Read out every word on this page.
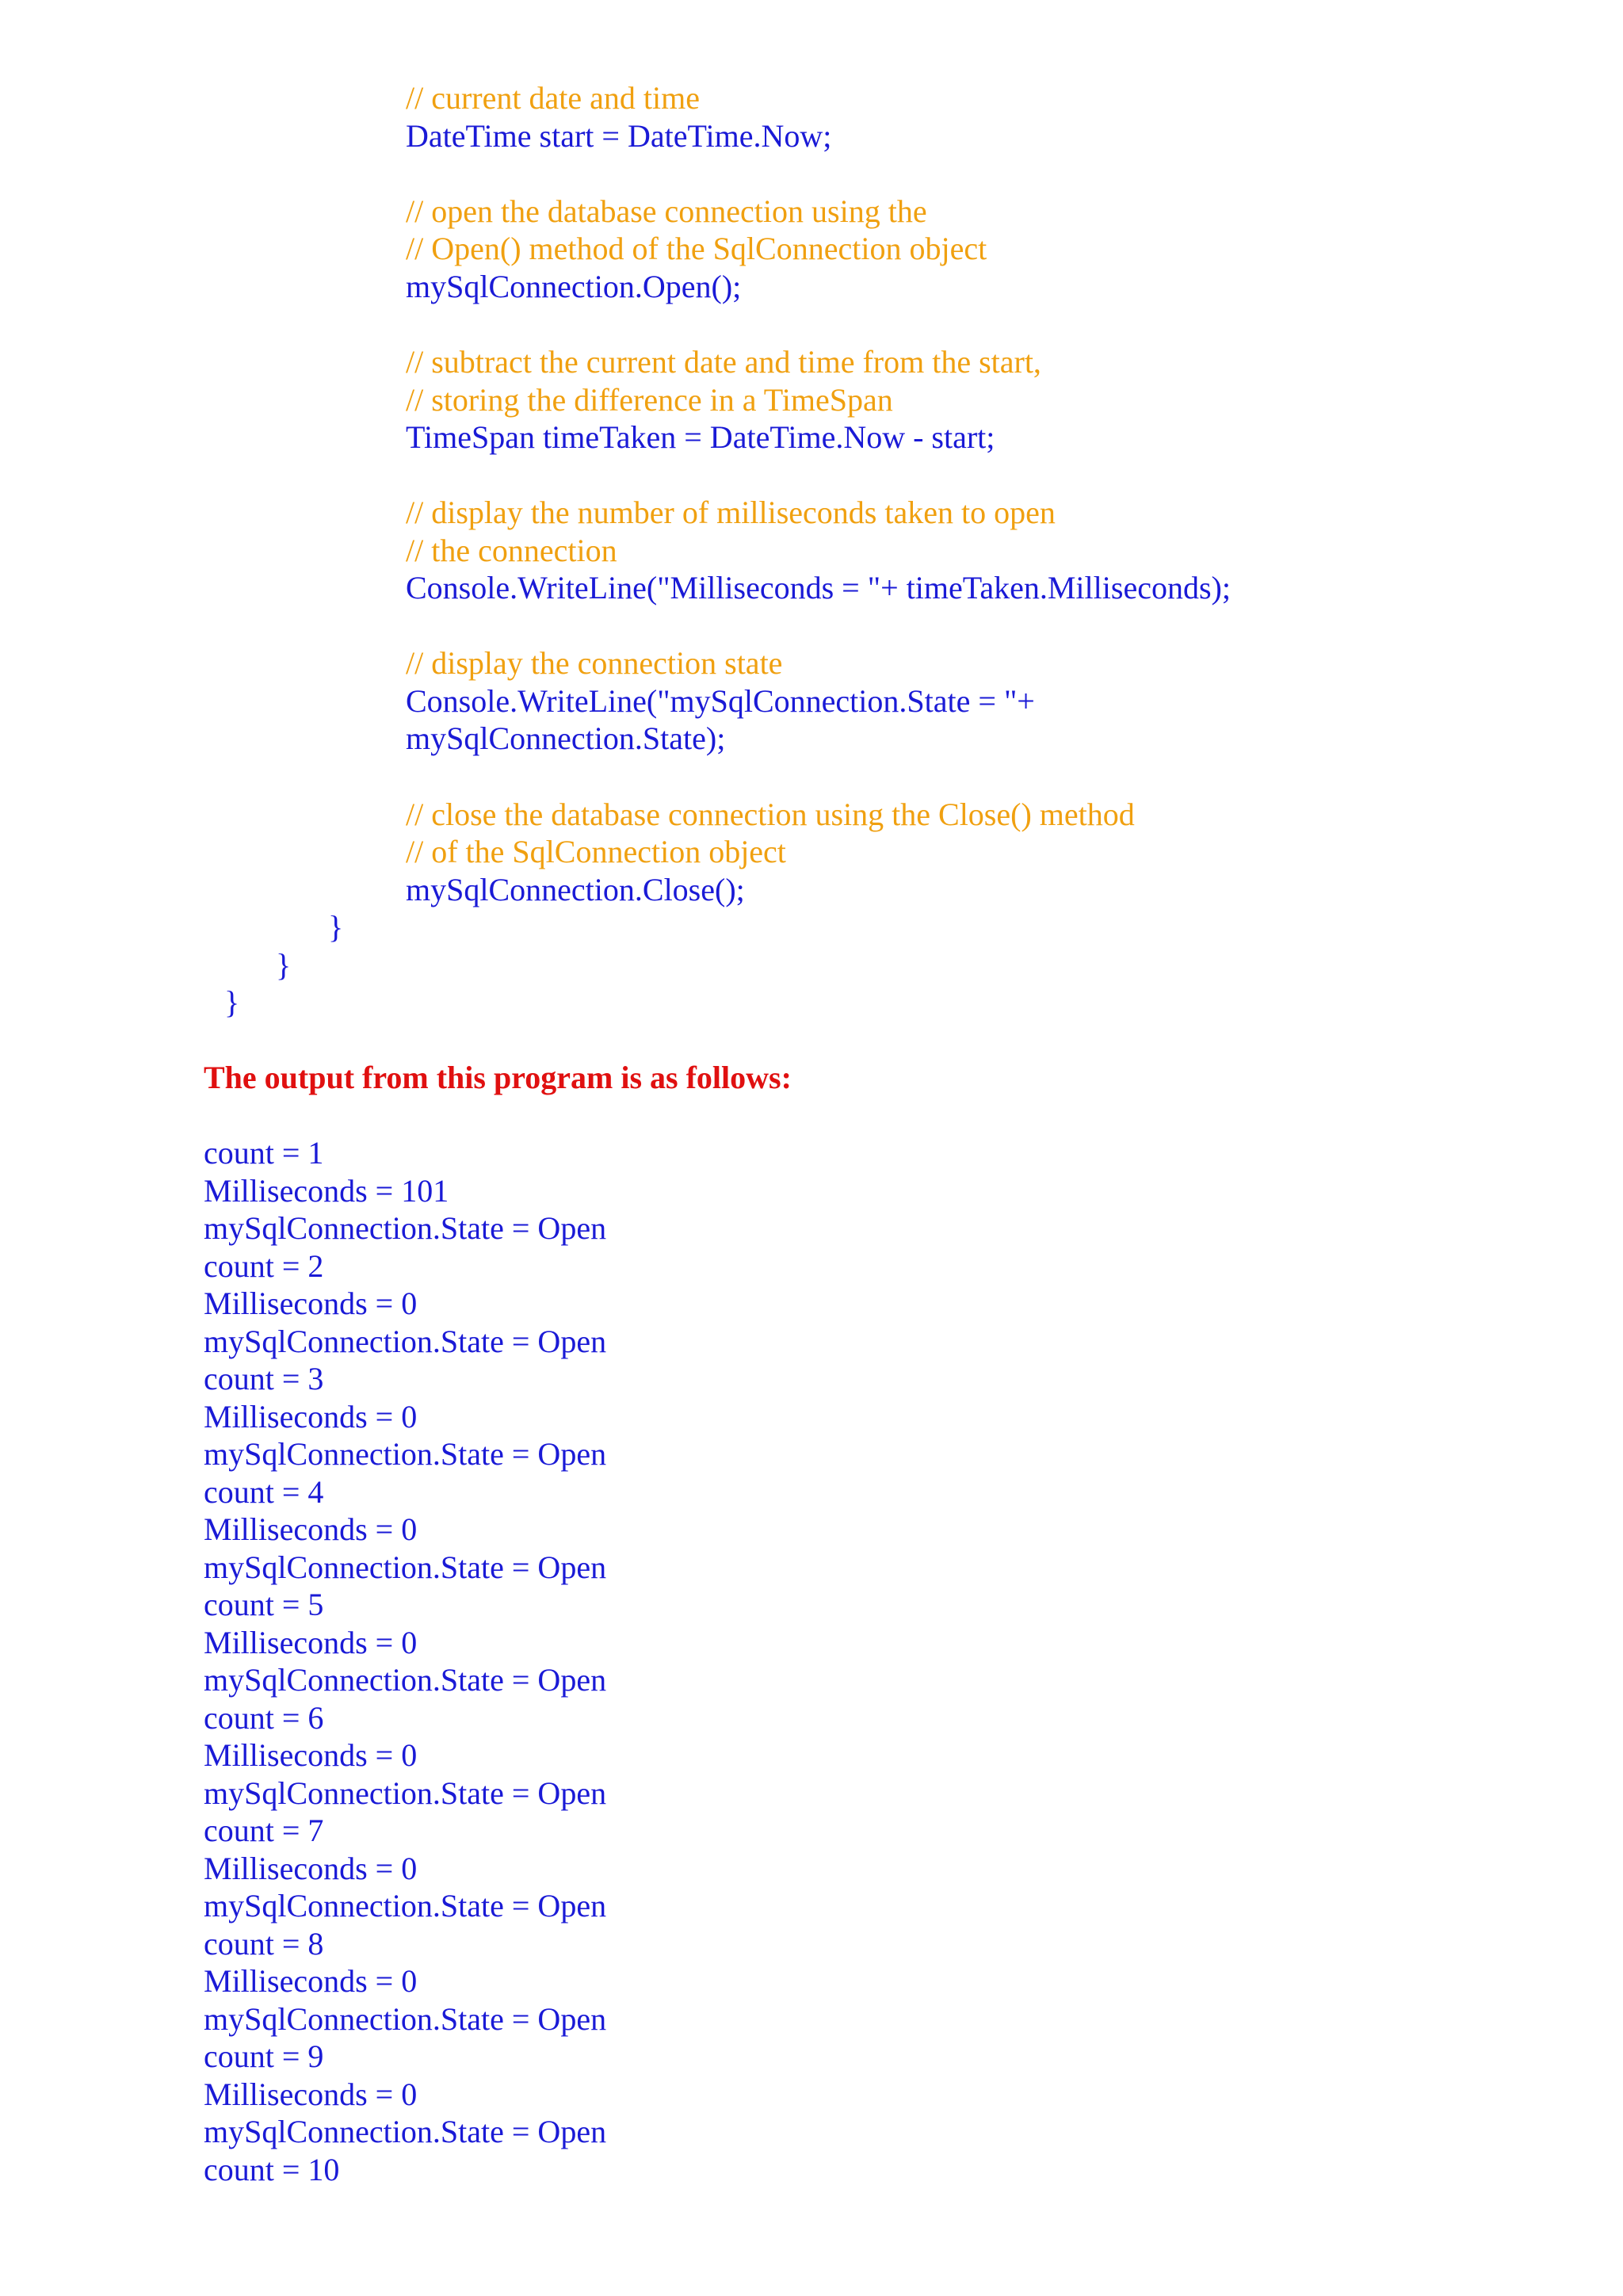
// current date and time
DateTime start = DateTime.Now;
// open the database connection using the
// Open() method of the SqlConnection object
mySqlConnection.Open();
// subtract the current date and time from the start,
// storing the difference in a TimeSpan
TimeSpan timeTaken = DateTime.Now - start;
// display the number of milliseconds taken to open
// the connection
Console.WriteLine("Milliseconds = "+ timeTaken.Milliseconds);
// display the connection state
Console.WriteLine("mySqlConnection.State = "+
mySqlConnection.State);
// close the database connection using the Close() method
// of the SqlConnection object
mySqlConnection.Close();
}
}
}
The output from this program is as follows:
count = 1
Milliseconds = 101
mySqlConnection.State = Open
count = 2
Milliseconds = 0
mySqlConnection.State = Open
count = 3
Milliseconds = 0
mySqlConnection.State = Open
count = 4
Milliseconds = 0
mySqlConnection.State = Open
count = 5
Milliseconds = 0
mySqlConnection.State = Open
count = 6
Milliseconds = 0
mySqlConnection.State = Open
count = 7
Milliseconds = 0
mySqlConnection.State = Open
count = 8
Milliseconds = 0
mySqlConnection.State = Open
count = 9
Milliseconds = 0
mySqlConnection.State = Open
count = 10
